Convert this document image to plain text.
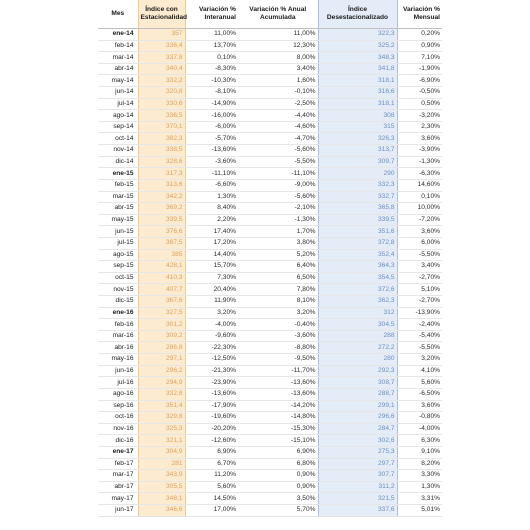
Mes	Índice con Estacionalidad	Variación % Interanual	Variación % Anual Acumulada	Índice Desestacionalizado	Variación % Mensual
ene-14	357	11,00%	11,00%	322,3	0,20%
feb-14	336,4	13,70%	12,30%	325,2	0,90%
mar-14	337,8	0,10%	8,00%	348,3	7,10%
abr-14	340,4	-8,30%	3,40%	341,8	-1,90%
may-14	332,2	-10,30%	1,60%	318,1	-6,90%
jun-14	320,8	-8,10%	-0,10%	316,6	-0,50%
jul-14	330,6	-14,90%	-2,50%	318,1	0,50%
ago-14	336,5	-16,00%	-4,40%	308	-3,20%
sep-14	370,1	-6,00%	-4,60%	315	2,30%
oct-14	382,3	-5,70%	-4,70%	326,3	3,60%
nov-14	338,5	-13,60%	-5,60%	313,7	-3,90%
dic-14	328,6	-3,60%	-5,50%	309,7	-1,30%
ene-15	317,3	-11,10%	-11,10%	290	-6,30%
feb-15	313,6	-6,60%	-9,00%	332,3	14,60%
mar-15	342,2	1,30%	-5,60%	332,7	0,10%
abr-15	369,2	8,40%	-2,10%	365,8	10,00%
may-15	339,5	2,20%	-1,30%	339,5	-7,20%
jun-15	376,6	17,40%	1,70%	351,6	3,60%
jul-15	387,5	17,20%	3,80%	372,8	6,00%
ago-15	385	14,40%	5,20%	352,4	-5,50%
sep-15	428,1	15,70%	6,40%	364,3	3,40%
oct-15	410,3	7,30%	6,50%	354,5	-2,70%
nov-15	407,7	20,40%	7,80%	372,6	5,10%
dic-15	367,6	11,90%	8,10%	362,3	-2,70%
ene-16	327,5	3,20%	3,20%	312	-13,90%
feb-16	301,2	-4,00%	-0,40%	304,5	-2,40%
mar-16	309,2	-9,60%	-3,60%	288	-5,40%
abr-16	286,8	-22,30%	-8,80%	272,2	-5,50%
may-16	297,1	-12,50%	-9,50%	280	3,20%
jun-16	296,2	-21,30%	-11,70%	292,3	4,10%
jul-16	294,9	-23,90%	-13,60%	308,7	5,60%
ago-16	332,8	-13,60%	-13,60%	288,7	-6,50%
sep-16	351,4	-17,90%	-14,20%	299,1	3,60%
oct-16	329,8	-19,60%	-14,80%	296,6	-0,80%
nov-16	325,3	-20,20%	-15,30%	284,7	-4,00%
dic-16	321,1	-12,60%	-15,10%	302,6	6,30%
ene-17	304,9	6,90%	6,90%	275,3	9,10%
feb-17	281	6,70%	6,80%	297,7	8,20%
mar-17	343,9	11,20%	0,90%	307,7	3,30%
abr-17	305,5	5,60%	0,90%	311,2	1,30%
may-17	348,1	14,50%	3,50%	321,5	3,31%
jun-17	346,6	17,00%	5,70%	337,6	5,01%
